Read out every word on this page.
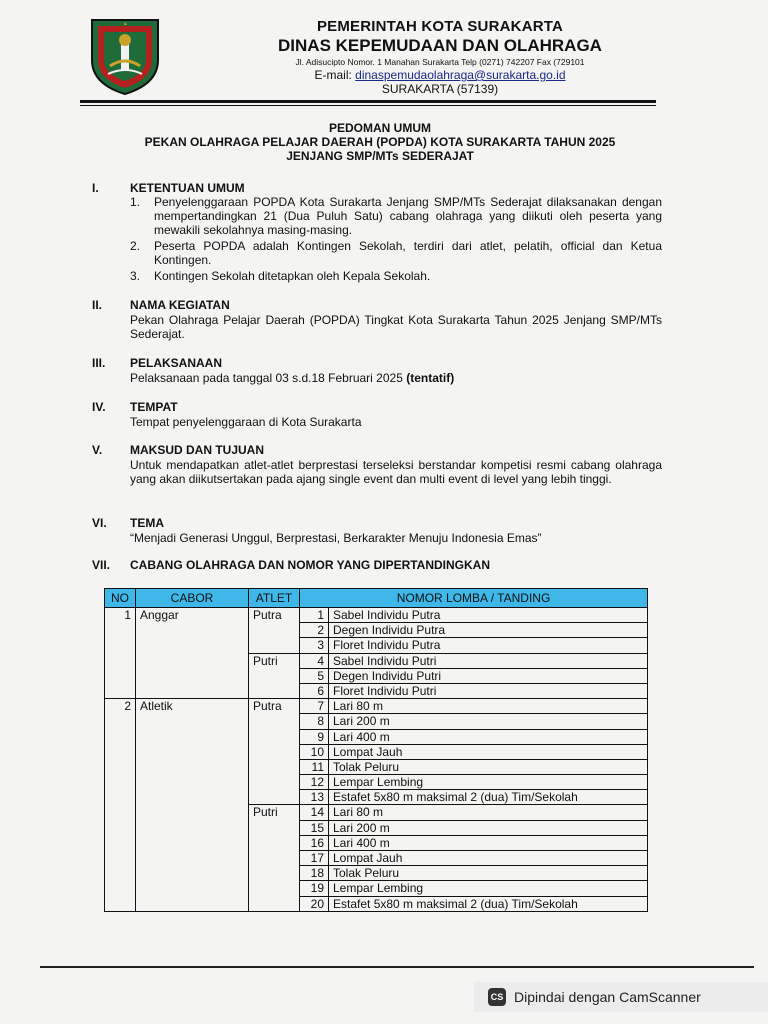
PEMERINTAH KOTA SURAKARTA
DINAS KEPEMUDAAN DAN OLAHRAGA
Jl. Adisucipto Nomor. 1 Manahan Surakarta Telp (0271) 742207 Fax (729101
E-mail: dinaspemudaolahraga@surakarta.go.id
SURAKARTA (57139)
PEDOMAN UMUM
PEKAN OLAHRAGA PELAJAR DAERAH (POPDA) KOTA SURAKARTA TAHUN 2025
JENJANG SMP/MTs SEDERAJAT
I.	KETENTUAN UMUM
1. Penyelenggaraan POPDA Kota Surakarta Jenjang SMP/MTs Sederajat dilaksanakan dengan mempertandingkan 21 (Dua Puluh Satu) cabang olahraga yang diikuti oleh peserta yang mewakili sekolahnya masing-masing.
2. Peserta POPDA adalah Kontingen Sekolah, terdiri dari atlet, pelatih, official dan Ketua Kontingen.
3. Kontingen Sekolah ditetapkan oleh Kepala Sekolah.
II. NAMA KEGIATAN
Pekan Olahraga Pelajar Daerah (POPDA) Tingkat Kota Surakarta Tahun 2025 Jenjang SMP/MTs Sederajat.
III. PELAKSANAAN
Pelaksanaan pada tanggal 03 s.d.18 Februari 2025 (tentatif)
IV. TEMPAT
Tempat penyelenggaraan di Kota Surakarta
V. MAKSUD DAN TUJUAN
Untuk mendapatkan atlet-atlet berprestasi terseleksi berstandar kompetisi resmi cabang olahraga yang akan diikutsertakan pada ajang single event dan multi event di level yang lebih tinggi.
VI. TEMA
“Menjadi Generasi Unggul, Berprestasi, Berkarakter Menuju Indonesia Emas”
VII. CABANG OLAHRAGA DAN NOMOR YANG DIPERTANDINGKAN
NO	CABOR	ATLET	NOMOR LOMBA / TANDING	
1	Anggar	Putra	1	Sabel Individu Putra
			2	Degen Individu Putra
			3	Floret Individu Putra
		Putri	4	Sabel Individu Putri
			5	Degen Individu Putri
			6	Floret Individu Putri
2	Atletik	Putra	7	Lari 80 m
			8	Lari 200 m
			9	Lari 400 m
			10	Lompat Jauh
			11	Tolak Peluru
			12	Lempar Lembing
			13	Estafet 5x80 m maksimal 2 (dua) Tim/Sekolah
		Putri	14	Lari 80 m
			15	Lari 200 m
			16	Lari 400 m
			17	Lompat Jauh
			18	Tolak Peluru
			19	Lempar Lembing
			20	Estafet 5x80 m maksimal 2 (dua) Tim/Sekolah
CS Dipindai dengan CamScanner
